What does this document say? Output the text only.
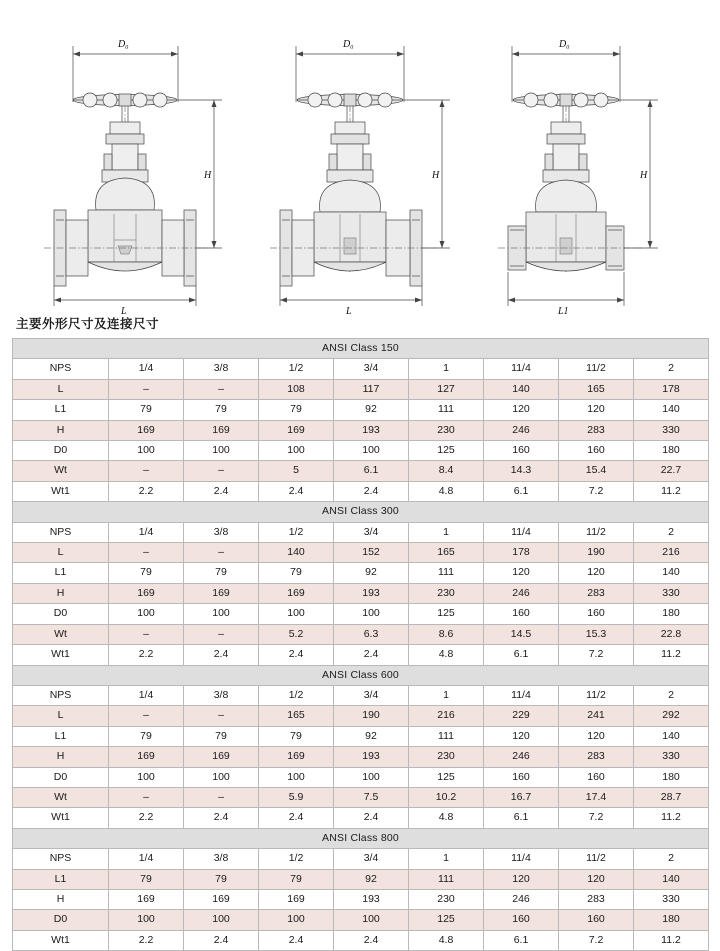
$D_0$
H
L
$D_0$
H
L
$D_0$
H
L1
主要外形尺寸及连接尺寸
ANSI Class 150								
NPS	1/4	3/8	1/2	3/4	1	11/4	11/2	2
L	–	–	108	117	127	140	165	178
L1	79	79	79	92	111	120	120	140
H	169	169	169	193	230	246	283	330
D0	100	100	100	100	125	160	160	180
Wt	–	–	5	6.1	8.4	14.3	15.4	22.7
Wt1	2.2	2.4	2.4	2.4	4.8	6.1	7.2	11.2
ANSI Class 300								
NPS	1/4	3/8	1/2	3/4	1	11/4	11/2	2
L	–	–	140	152	165	178	190	216
L1	79	79	79	92	111	120	120	140
H	169	169	169	193	230	246	283	330
D0	100	100	100	100	125	160	160	180
Wt	–	–	5.2	6.3	8.6	14.5	15.3	22.8
Wt1	2.2	2.4	2.4	2.4	4.8	6.1	7.2	11.2
ANSI Class 600								
NPS	1/4	3/8	1/2	3/4	1	11/4	11/2	2
L	–	–	165	190	216	229	241	292
L1	79	79	79	92	111	120	120	140
H	169	169	169	193	230	246	283	330
D0	100	100	100	100	125	160	160	180
Wt	–	–	5.9	7.5	10.2	16.7	17.4	28.7
Wt1	2.2	2.4	2.4	2.4	4.8	6.1	7.2	11.2
ANSI Class 800								
NPS	1/4	3/8	1/2	3/4	1	11/4	11/2	2
L1	79	79	79	92	111	120	120	140
H	169	169	169	193	230	246	283	330
D0	100	100	100	100	125	160	160	180
Wt1	2.2	2.4	2.4	2.4	4.8	6.1	7.2	11.2
